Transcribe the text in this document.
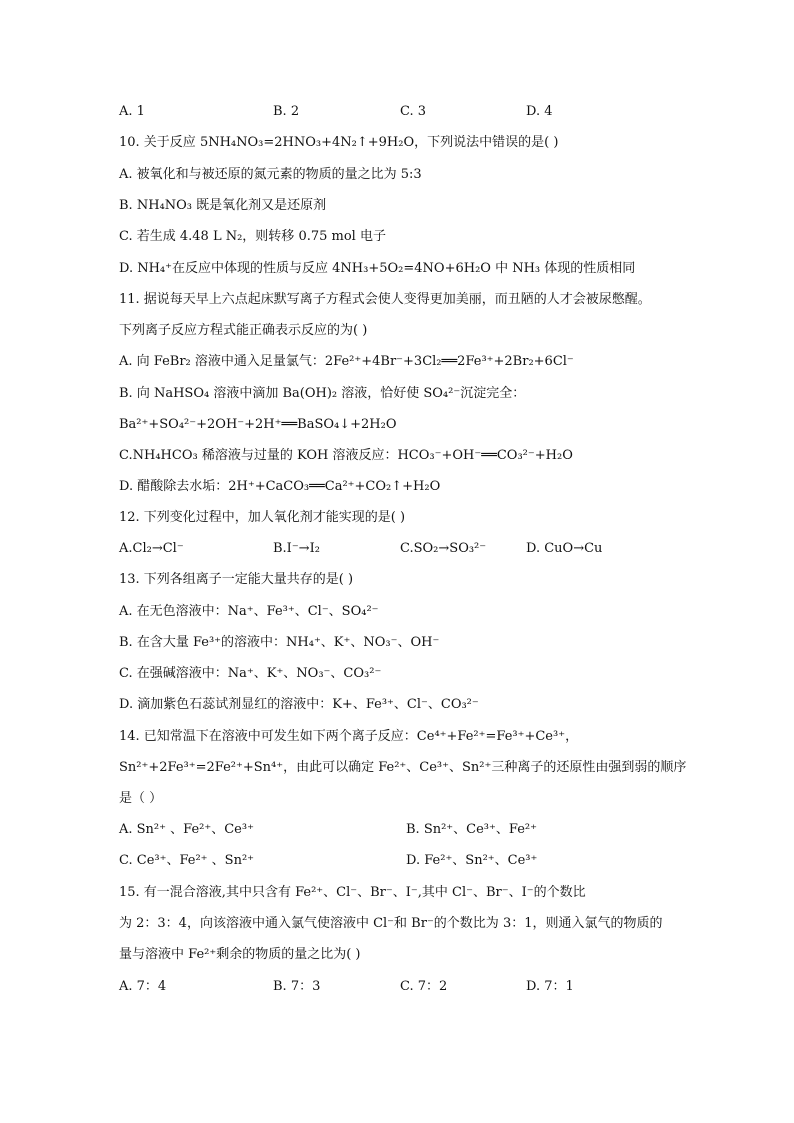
A. 1	B. 2	C. 3	D. 4
10. 关于反应 5NH₄NO₃=2HNO₃+4N₂↑+9H₂O，下列说法中错误的是( )
A. 被氧化和与被还原的氮元素的物质的量之比为 5:3
B. NH₄NO₃ 既是氧化剂又是还原剂
C. 若生成 4.48 L N₂，则转移 0.75 mol 电子
D. NH₄⁺在反应中体现的性质与反应 4NH₃+5O₂=4NO+6H₂O 中 NH₃ 体现的性质相同
11. 据说每天早上六点起床默写离子方程式会使人变得更加美丽，而丑陋的人才会被尿憋醒。
下列离子反应方程式能正确表示反应的为( )
A. 向 FeBr₂ 溶液中通入足量氯气：2Fe²⁺+4Br⁻+3Cl₂══2Fe³⁺+2Br₂+6Cl⁻
B. 向 NaHSO₄ 溶液中滴加 Ba(OH)₂ 溶液，恰好使 SO₄²⁻沉淀完全：
Ba²⁺+SO₄²⁻+2OH⁻+2H⁺══BaSO₄↓+2H₂O
C.NH₄HCO₃ 稀溶液与过量的 KOH 溶液反应：HCO₃⁻+OH⁻══CO₃²⁻+H₂O
D. 醋酸除去水垢：2H⁺+CaCO₃══Ca²⁺+CO₂↑+H₂O
12. 下列变化过程中，加人氧化剂才能实现的是( )
A.Cl₂→Cl⁻	B.I⁻→I₂	C.SO₂→SO₃²⁻	D. CuO→Cu
13. 下列各组离子一定能大量共存的是( )
A. 在无色溶液中：Na⁺、Fe³⁺、Cl⁻、SO₄²⁻
B. 在含大量 Fe³⁺的溶液中：NH₄⁺、K⁺、NO₃⁻、OH⁻
C. 在强碱溶液中：Na⁺、K⁺、NO₃⁻、CO₃²⁻
D. 滴加紫色石蕊试剂显红的溶液中：K+、Fe³⁺、Cl⁻、CO₃²⁻
14. 已知常温下在溶液中可发生如下两个离子反应：Ce⁴⁺+Fe²⁺=Fe³⁺+Ce³⁺，
Sn²⁺+2Fe³⁺=2Fe²⁺+Sn⁴⁺，由此可以确定 Fe²⁺、Ce³⁺、Sn²⁺三种离子的还原性由强到弱的顺序
是（ ）
A. Sn²⁺ 、Fe²⁺、Ce³⁺	B. Sn²⁺、Ce³⁺、Fe²⁺
C. Ce³⁺、Fe²⁺ 、Sn²⁺	D. Fe²⁺、Sn²⁺、Ce³⁺
15. 有一混合溶液,其中只含有 Fe²⁺、Cl⁻、Br⁻、I⁻,其中 Cl⁻、Br⁻、I⁻的个数比
为 2：3：4，向该溶液中通入氯气使溶液中 Cl⁻和 Br⁻的个数比为 3：1，则通入氯气的物质的
量与溶液中 Fe²⁺剩余的物质的量之比为( )
A. 7：4	B. 7：3	C. 7：2	D. 7：1
